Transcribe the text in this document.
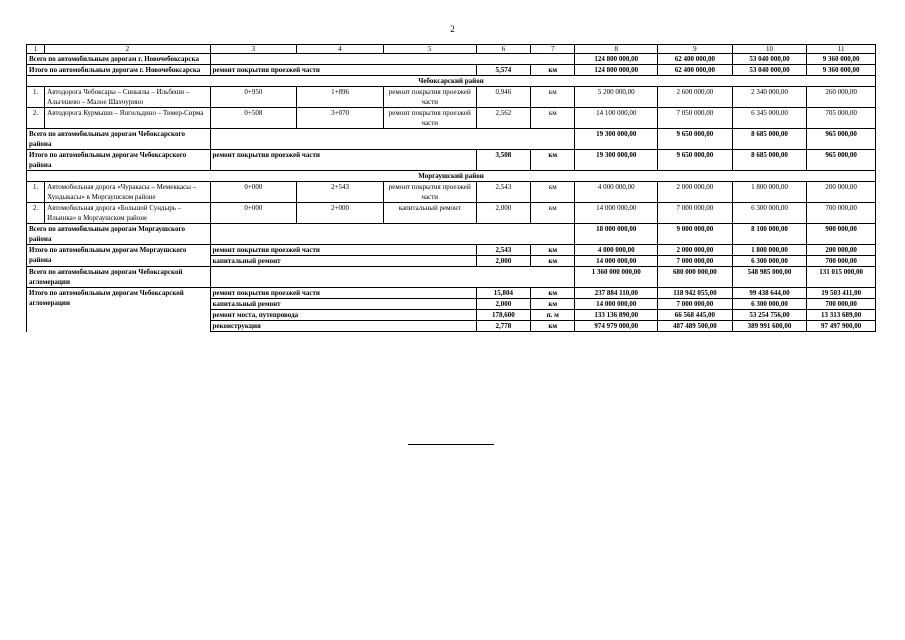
2
1	2	3	4	5	6	7	8	9	10	11
Всего по автомобильным дорогам г. Новочебоксарска							124 800 000,00	62 400 000,00	53 040 000,00	9 360 000,00
Итого по автомобильным дорогам г. Новочебоксарска		ремонт покрытия проезжей части			5,574	км	124 800 000,00	62 400 000,00	53 040 000,00	9 360 000,00
Чебоксарский район										
1.	Автодорога Чебоксары – Синьялы – Ильбеши – Альгешево – Малое Шахчурино	0+950	1+896	ремонт покрытия проезжей части	0,946	км	5 200 000,00	2 600 000,00	2 340 000,00	260 000,00
2.	Автодорога Курмыши – Янгильдино – Тимер-Сирма	0+508	3+070	ремонт покрытия проезжей части	2,562	км	14 100 000,00	7 050 000,00	6 345 000,00	705 000,00
Всего по автомобильным дорогам Чебоксарского района							19 300 000,00	9 650 000,00	8 685 000,00	965 000,00
Итого по автомобильным дорогам Чебоксарского района		ремонт покрытия проезжей части			3,508	км	19 300 000,00	9 650 000,00	8 685 000,00	965 000,00
Моргаушский район										
1.	Автомобильная дорога «Чуракасы – Мемеккасы – Хундыкасы» в Моргаушском районе	0+000	2+543	ремонт покрытия проезжей части	2,543	км	4 000 000,00	2 000 000,00	1 800 000,00	200 000,00
2.	Автомобильная дорога «Большой Сундырь – Ильинка» в Моргаушском районе	0+000	2+000	капитальный ремонт	2,000	км	14 000 000,00	7 000 000,00	6 300 000,00	700 000,00
Всего по автомобильным дорогам Моргаушского района							18 000 000,00	9 000 000,00	8 100 000,00	900 000,00
Итого по автомобильным дорогам Моргаушского района		ремонт покрытия проезжей части			2,543	км	4 000 000,00	2 000 000,00	1 800 000,00	200 000,00
		капитальный ремонт			2,000	км	14 000 000,00	7 000 000,00	6 300 000,00	700 000,00
Всего по автомобильным дорогам Чебоксарской агломерации							1 360 000 000,00	680 000 000,00	548 985 000,00	131 015 000,00
Итого по автомобильным дорогам Чебоксарской агломерации		ремонт покрытия проезжей части			15,804	км	237 884 110,00	118 942 055,00	99 438 644,00	19 503 411,00
		капитальный ремонт			2,000	км	14 000 000,00	7 000 000,00	6 300 000,00	700 000,00
		ремонт моста, путепровода			178,600	п. м	133 136 890,00	66 568 445,00	53 254 756,00	13 313 689,00
		реконструкция			2,778	км	974 979 000,00	487 489 500,00	389 991 600,00	97 497 900,00
